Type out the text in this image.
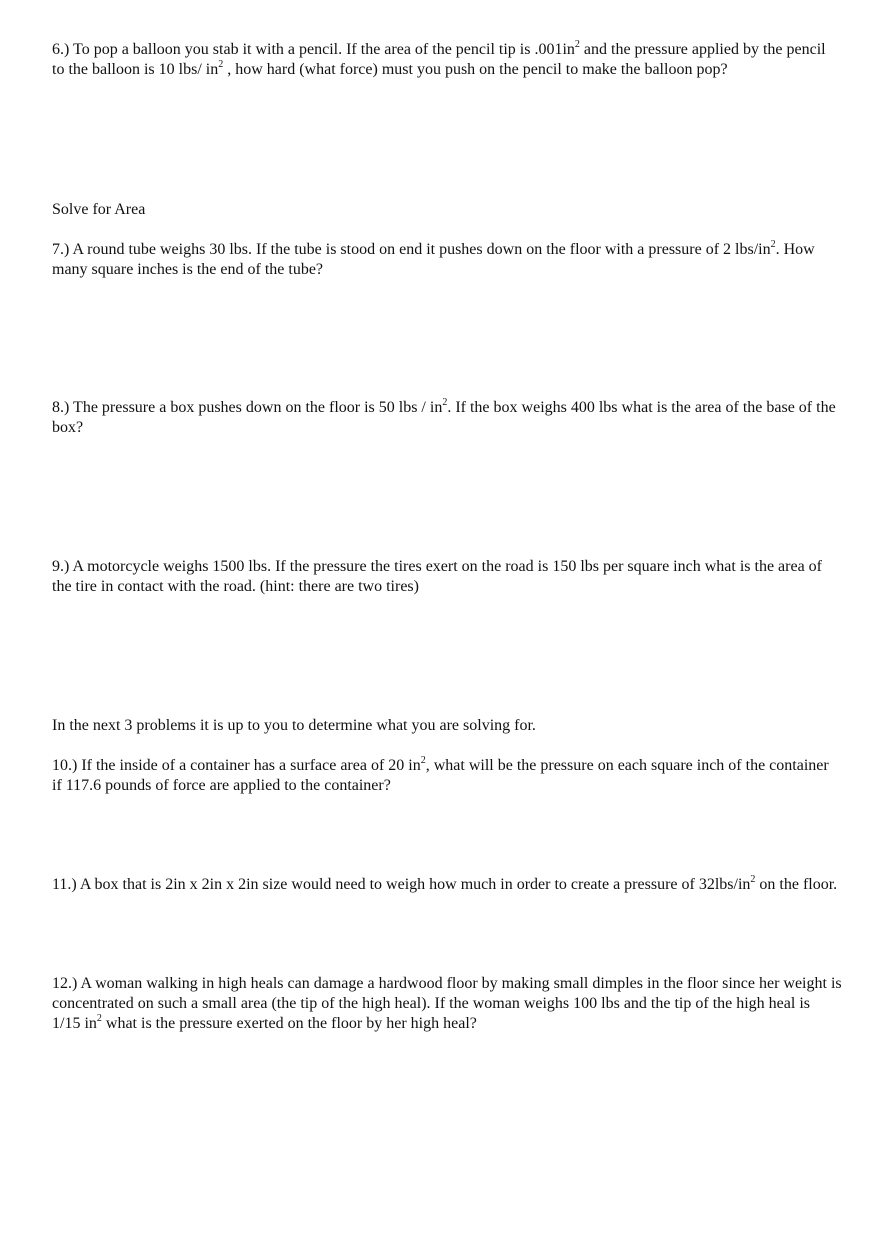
6.) To pop a balloon you stab it with a pencil. If the area of the pencil tip is $.001in^2$ and the pressure applied by the pencil to the balloon is 10 lbs/ $in^2$ , how hard (what force) must you push on the pencil to make the balloon pop?

Solve for Area

7.) A round tube weighs 30 lbs. If the tube is stood on end it pushes down on the floor with a pressure of 2 lbs/$in^2$. How many square inches is the end of the tube?

8.) The pressure a box pushes down on the floor is 50 lbs / $in^2$. If the box weighs 400 lbs what is the area of the base of the box?

9.) A motorcycle weighs 1500 lbs. If the pressure the tires exert on the road is 150 lbs per square inch what is the area of the tire in contact with the road. (hint: there are two tires)

In the next 3 problems it is up to you to determine what you are solving for.

10.) If the inside of a container has a surface area of 20 $in^2$, what will be the pressure on each square inch of the container if 117.6 pounds of force are applied to the container?

11.) A box that is 2in x 2in x 2in size would need to weigh how much in order to create a pressure of $32lbs/in^2$ on the floor.

12.) A woman walking in high heals can damage a hardwood floor by making small dimples in the floor since her weight is concentrated on such a small area (the tip of the high heal). If the woman weighs 100 lbs and the tip of the high heal is 1/15 $in^2$ what is the pressure exerted on the floor by her high heal?
